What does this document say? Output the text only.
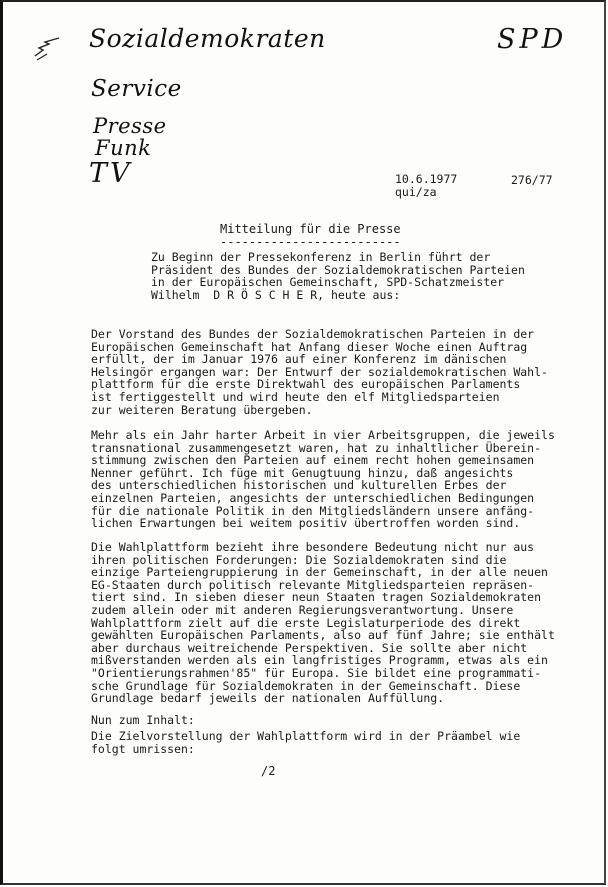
Sozialdemokraten	SPD
Service
Presse
Funk
TV	10.6.1977
qui/za
276/77
Mitteilung für die Presse
-------------------------
Zu Beginn der Pressekonferenz in Berlin führt der
Präsident des Bundes der Sozialdemokratischen Parteien
in der Europäischen Gemeinschaft, SPD-Schatzmeister
Wilhelm  D R Ö S C H E R, heute aus:
Der Vorstand des Bundes der Sozialdemokratischen Parteien in der
Europäischen Gemeinschaft hat Anfang dieser Woche einen Auftrag
erfüllt, der im Januar 1976 auf einer Konferenz im dänischen
Helsingör ergangen war: Der Entwurf der sozialdemokratischen Wahl-
plattform für die erste Direktwahl des europäischen Parlaments
ist fertiggestellt und wird heute den elf Mitgliedsparteien
zur weiteren Beratung übergeben.
Mehr als ein Jahr harter Arbeit in vier Arbeitsgruppen, die jeweils
transnational zusammengesetzt waren, hat zu inhaltlicher Überein-
stimmung zwischen den Parteien auf einem recht hohen gemeinsamen
Nenner geführt. Ich füge mit Genugtuung hinzu, daß angesichts
des unterschiedlichen historischen und kulturellen Erbes der
einzelnen Parteien, angesichts der unterschiedlichen Bedingungen
für die nationale Politik in den Mitgliedsländern unsere anfäng-
lichen Erwartungen bei weitem positiv übertroffen worden sind.
Die Wahlplattform bezieht ihre besondere Bedeutung nicht nur aus
ihren politischen Forderungen: Die Sozialdemokraten sind die
einzige Parteiengruppierung in der Gemeinschaft, in der alle neuen
EG-Staaten durch politisch relevante Mitgliedsparteien repräsen-
tiert sind. In sieben dieser neun Staaten tragen Sozialdemokraten
zudem allein oder mit anderen Regierungsverantwortung. Unsere
Wahlplattform zielt auf die erste Legislaturperiode des direkt
gewählten Europäischen Parlaments, also auf fünf Jahre; sie enthält
aber durchaus weitreichende Perspektiven. Sie sollte aber nicht
mißverstanden werden als ein langfristiges Programm, etwas als ein
"Orientierungsrahmen'85" für Europa. Sie bildet eine programmati-
sche Grundlage für Sozialdemokraten in der Gemeinschaft. Diese
Grundlage bedarf jeweils der nationalen Auffüllung.
Nun zum Inhalt:
Die Zielvorstellung der Wahlplattform wird in der Präambel wie
folgt umrissen:
/2
